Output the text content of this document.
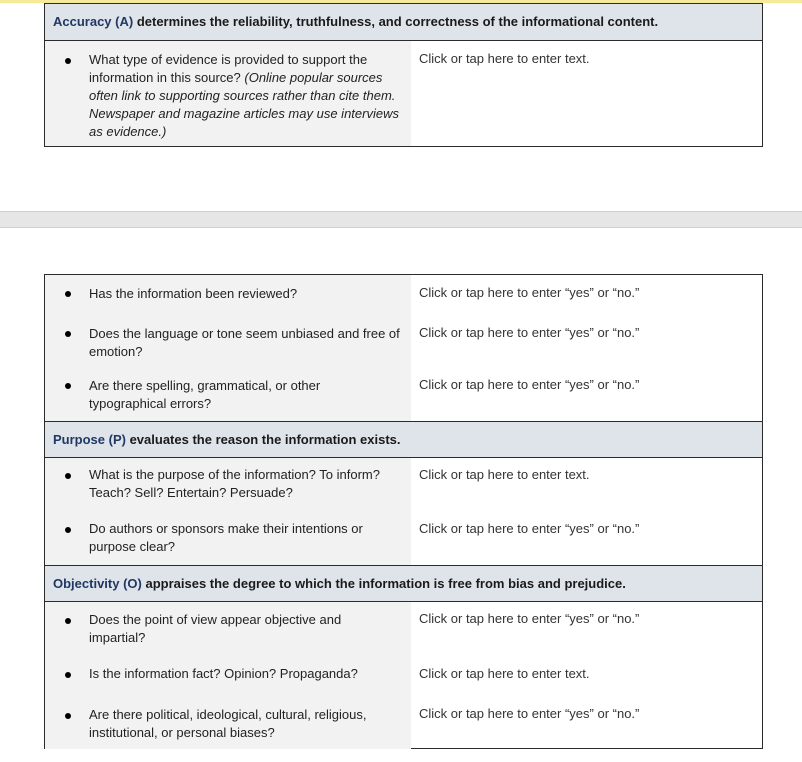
Accuracy (A) determines the reliability, truthfulness, and correctness of the informational content.
What type of evidence is provided to support the information in this source? (Online popular sources often link to supporting sources rather than cite them. Newspaper and magazine articles may use interviews as evidence.)
Click or tap here to enter text.
Has the information been reviewed?	Click or tap here to enter “yes” or “no.”
Does the language or tone seem unbiased and free of emotion?
Click or tap here to enter “yes” or “no.”
Are there spelling, grammatical, or other typographical errors?
Click or tap here to enter “yes” or “no.”
Purpose (P) evaluates the reason the information exists.
What is the purpose of the information? To inform? Teach? Sell? Entertain? Persuade?
Click or tap here to enter text.
Do authors or sponsors make their intentions or purpose clear?
Click or tap here to enter “yes” or “no.”
Objectivity (O) appraises the degree to which the information is free from bias and prejudice.
Does the point of view appear objective and impartial?
Click or tap here to enter “yes” or “no.”
Is the information fact? Opinion? Propaganda?	Click or tap here to enter text.
Are there political, ideological, cultural, religious, institutional, or personal biases?
Click or tap here to enter “yes” or “no.”
